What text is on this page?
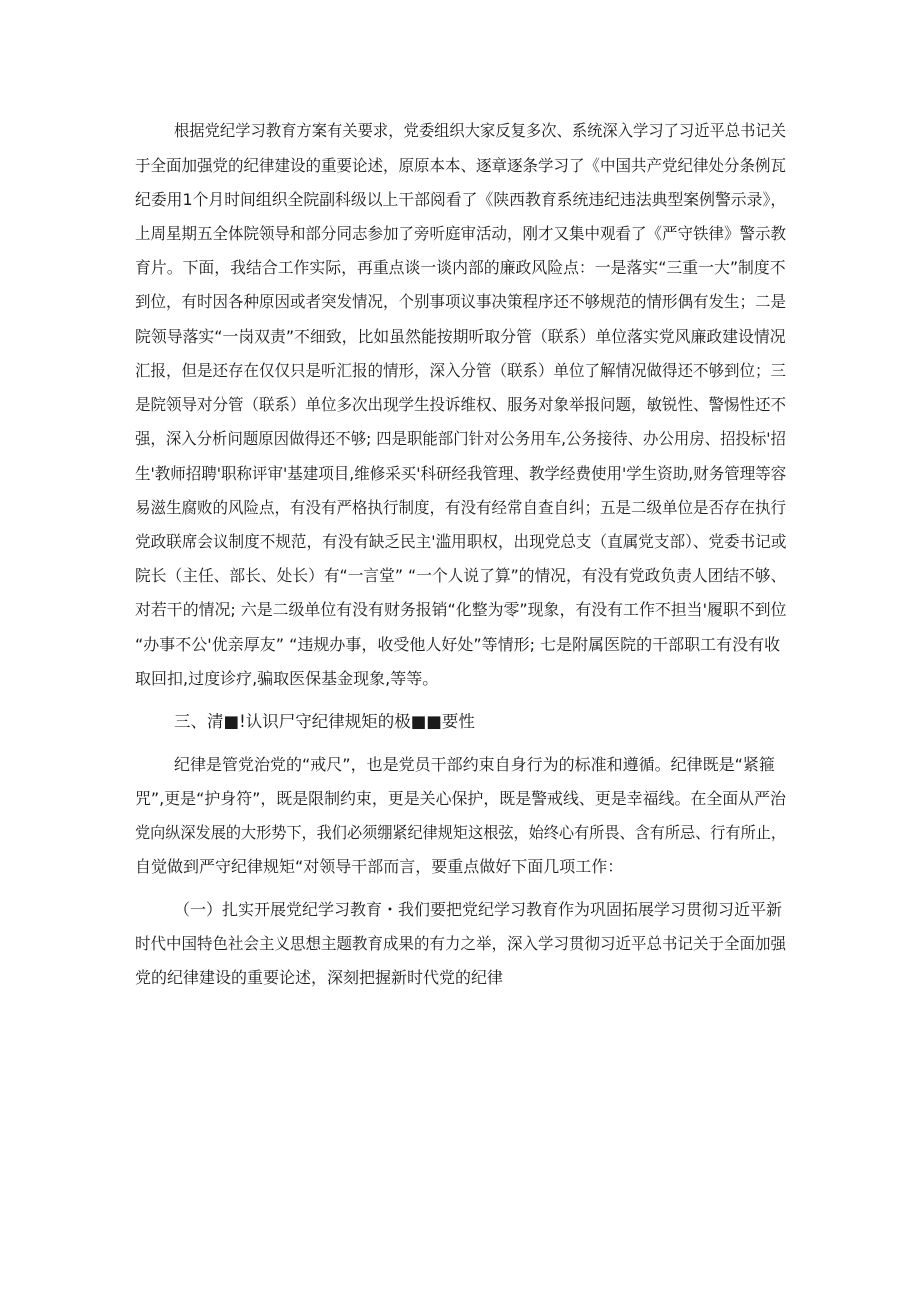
根据党纪学习教育方案有关要求，党委组织大家反复多次、系统深入学习了习近平总书记关
于全面加强党的纪律建设的重要论述，原原本本、逐章逐条学习了《中国共产党纪律处分条例瓦
纪委用1个月时间组织全院副科级以上干部阅看了《陕西教育系统违纪违法典型案例警示录》，
上周星期五全体院领导和部分同志参加了旁听庭审活动，刚才又集中观看了《严守铁律》警示教
育片。下面，我结合工作实际，再重点谈一谈内部的廉政风险点：一是落实“三重一大”制度不
到位，有时因各种原因或者突发情况，个别事项议事决策程序还不够规范的情形偶有发生；二是
院领导落实“一岗双责”不细致，比如虽然能按期听取分管（联系）单位落实党风廉政建设情况
汇报，但是还存在仅仅只是听汇报的情形，深入分管（联系）单位了解情况做得还不够到位；三
是院领导对分管（联系）单位多次出现学生投诉维权、服务对象举报问题，敏锐性、警惕性还不
强，深入分析问题原因做得还不够; 四是职能部门针对公务用车,公务接待、办公用房、招投标'招
生'教师招聘'职称评审'基建项目,维修采买'科研经我管理、教学经费使用'学生资助,财务管理等容
易滋生腐败的风险点，有没有严格执行制度，有没有经常自查自纠；五是二级单位是否存在执行
党政联席会议制度不规范，有没有缺乏民主'滥用职权，出现党总支（直属党支部）、党委书记或
院长（主任、部长、处长）有“一言堂” “一个人说了算”的情况，有没有党政负责人团结不够、
对若干的情况; 六是二级单位有没有财务报销“化整为零”现象，有没有工作不担当'履职不到位
“办事不公'优亲厚友” “违规办事，收受他人好处”等情形; 七是附属医院的干部职工有没有收
取回扣,过度诊疗,骗取医保基金现象,等等。
三、清■!认识尸守纪律规矩的极■■要性
纪律是管党治党的“戒尺”，也是党员干部约束自身行为的标准和遵循。纪律既是“紧箍
咒”,更是“护身符”，既是限制约束，更是关心保护，既是警戒线、更是幸福线。在全面从严治
党向纵深发展的大形势下，我们必须绷紧纪律规矩这根弦，始终心有所畏、含有所忌、行有所止，
自觉做到严守纪律规矩“对领导干部而言，要重点做好下面几项工作：
（一）扎实开展党纪学习教育・我们要把党纪学习教育作为巩固拓展学习贯彻习近平新
时代中国特色社会主义思想主题教育成果的有力之举，深入学习贯彻习近平总书记关于全面加强
党的纪律建设的重要论述，深刻把握新时代党的纪律
